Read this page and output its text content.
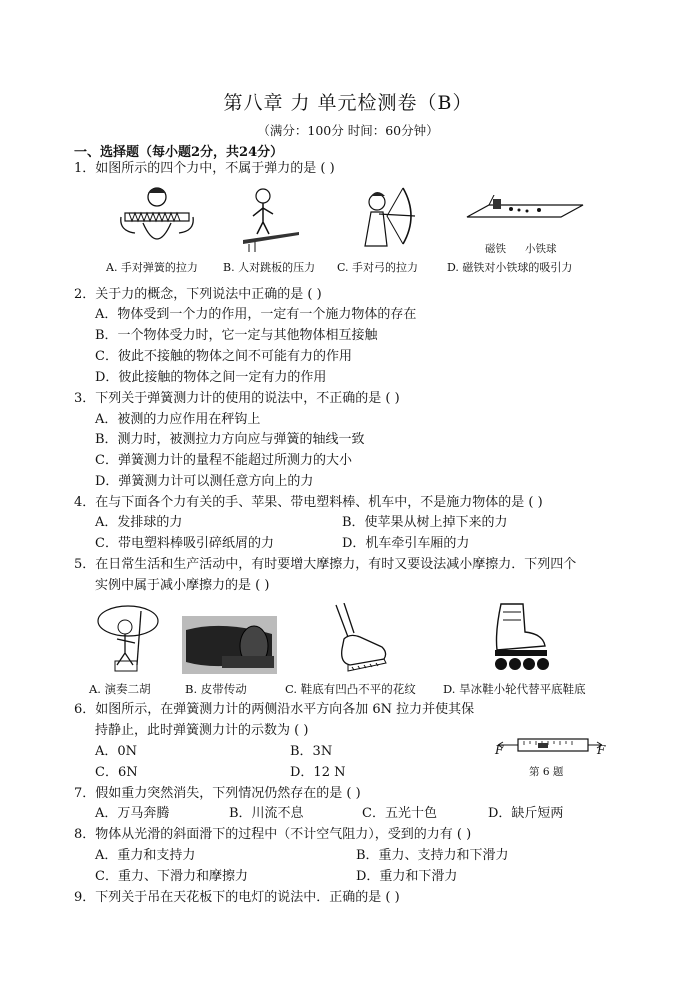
第八章 力 单元检测卷（B）
（满分：100分 时间：60分钟）
一、选择题（每小题2分，共24分）
1．如图所示的四个力中，不属于弹力的是 ( )
磁铁 小铁球
A. 手对弹簧的拉力 B. 人对跳板的压力 C. 手对弓的拉力	D. 磁铁对小铁球的吸引力
2．关于力的概念，下列说法中正确的是 ( )
A．物体受到一个力的作用，一定有一个施力物体的存在
B．一个物体受力时，它一定与其他物体相互接触
C．彼此不接触的物体之间不可能有力的作用
D．彼此接触的物体之间一定有力的作用
3．下列关于弹簧测力计的使用的说法中，不正确的是 ( )
A．被测的力应作用在秤钩上
B．测力时，被测拉力方向应与弹簧的轴线一致
C．弹簧测力计的量程不能超过所测力的大小
D．弹簧测力计可以测任意方向上的力
4．在与下面各个力有关的手、苹果、带电塑料棒、机车中，不是施力物体的是 ( )
A．发排球的力	B．使苹果从树上掉下来的力
C．带电塑料棒吸引碎纸屑的力	D．机车牵引车厢的力
5．在日常生活和生产活动中，有时要增大摩擦力，有时又要设法减小摩擦力．下列四个
实例中属于减小摩擦力的是 ( )
A. 演奏二胡	B. 皮带传动	C. 鞋底有凹凸不平的花纹 D. 旱冰鞋小轮代替平底鞋底
6．如图所示，在弹簧测力计的两侧沿水平方向各加 6N 拉力并使其保
持静止，此时弹簧测力计的示数为 ( )
A．0N	B．3N
C．6N	D．12 N
F	F
第 6 题
7．假如重力突然消失，下列情况仍然存在的是 ( )
A．万马奔腾	B．川流不息	C．五光十色	D．缺斤短两
8．物体从光滑的斜面滑下的过程中（不计空气阻力），受到的力有 ( )
A．重力和支持力	B．重力、支持力和下滑力
C．重力、下滑力和摩擦力	D．重力和下滑力
9．下列关于吊在天花板下的电灯的说法中．正确的是 ( )
